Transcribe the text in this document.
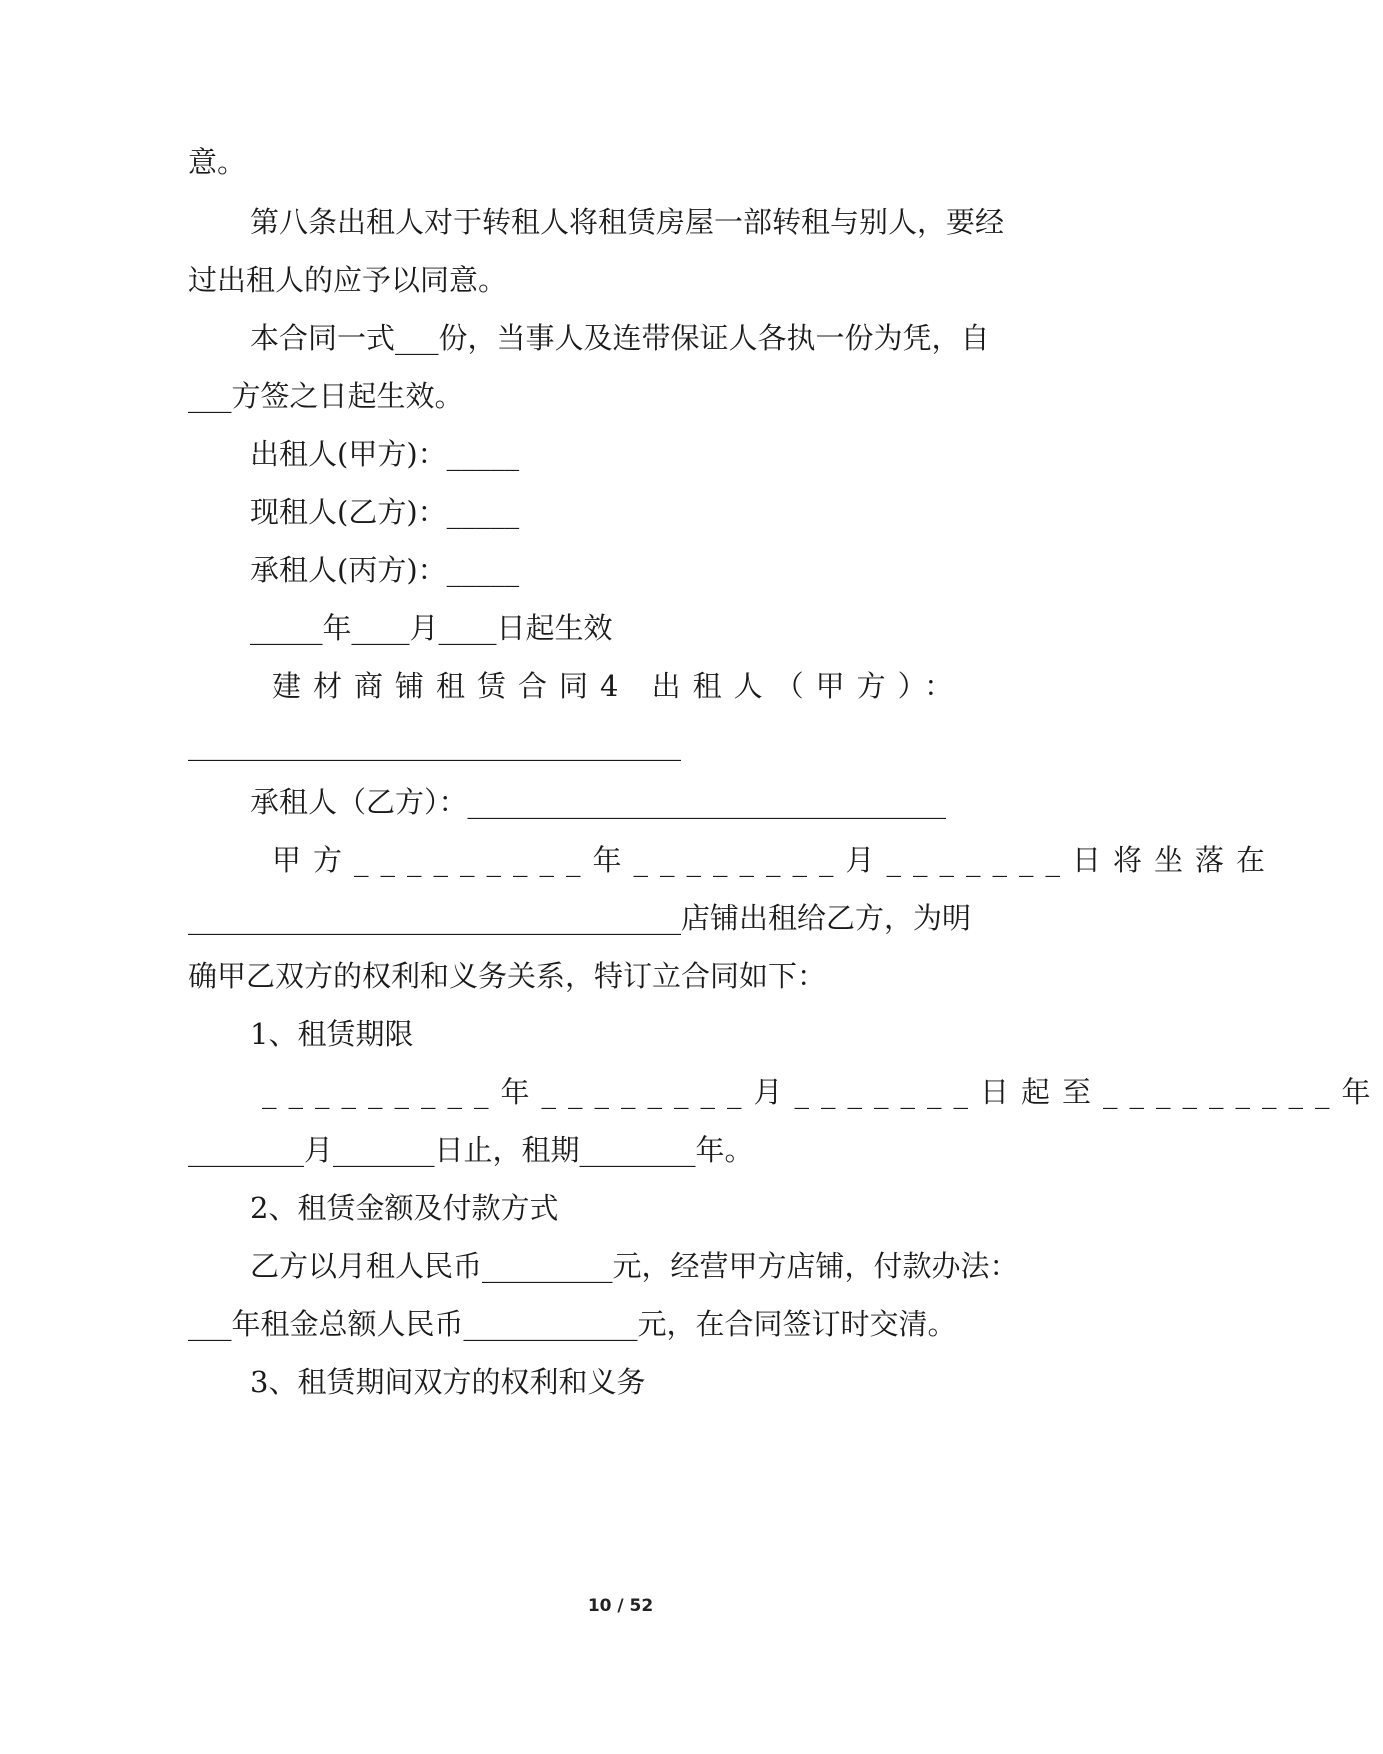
意。
第八条出租人对于转租人将租赁房屋一部转租与别人，要经
过出租人的应予以同意。
本合同一式___份，当事人及连带保证人各执一份为凭，自
___方签之日起生效。
出租人(甲方)：_____
现租人(乙方)：_____
承租人(丙方)：_____
_____年____月____日起生效
建材商铺租赁合同4 出租人（甲方）：
__________________________________
承租人（乙方）：_________________________________
甲方_________年________月_______日将坐落在
__________________________________店铺出租给乙方，为明
确甲乙双方的权利和义务关系，特订立合同如下：
1、租赁期限
_________年________月_______日起至_________年
________月_______日止，租期________年。
2、租赁金额及付款方式
乙方以月租人民币_________元，经营甲方店铺，付款办法：
___年租金总额人民币____________元，在合同签订时交清。
3、租赁期间双方的权利和义务
10 / 52
